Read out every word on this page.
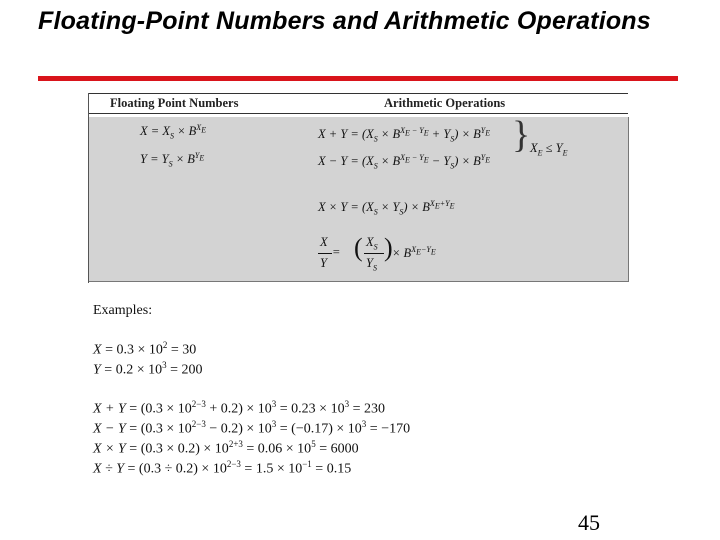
Floating-Point Numbers and Arithmetic Operations
Floating Point Numbers	Arithmetic Operations
$X = X_S \times B^{X_E}$
$Y = Y_S \times B^{Y_E}$
$X + Y = (X_S \times B^{X_E - Y_E} + Y_S) \times B^{Y_E}$
$X - Y = (X_S \times B^{X_E - Y_E} - Y_S) \times B^{Y_E}$
} $X_E \le Y_E$
$X \times Y = (X_S \times Y_S) \times B^{X_E+Y_E}$
X
Y
= ( $X_S$
$Y_S$
) × $B^{X_E-Y_E}$
Examples:
$X = 0.3 \times 10^2 = 30$
$Y = 0.2 \times 10^3 = 200$
$X + Y = (0.3 \times 10^{2-3} + 0.2) \times 10^3 = 0.23 \times 10^3 = 230$
$X - Y = (0.3 \times 10^{2-3} - 0.2) \times 10^3 = (-0.17) \times 10^3 = -170$
$X \times Y = (0.3 \times 0.2) \times 10^{2+3} = 0.06 \times 10^5 = 6000$
$X \div Y = (0.3 \div 0.2) \times 10^{2-3} = 1.5 \times 10^{-1} = 0.15$
45
